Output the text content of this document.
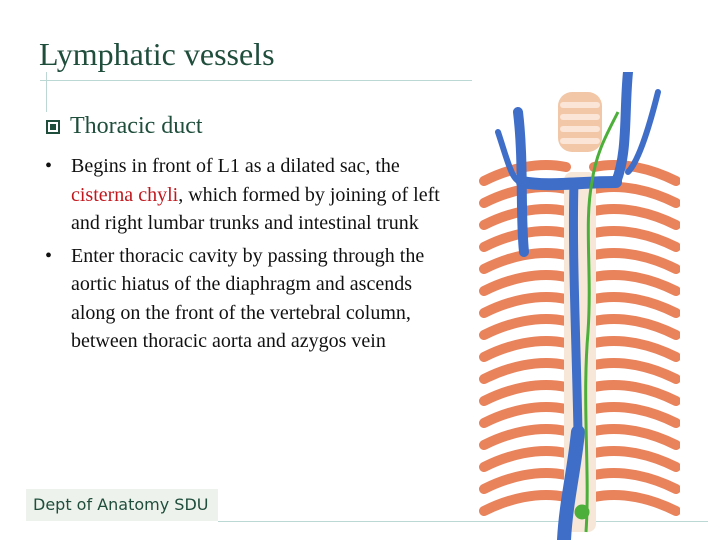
Lymphatic vessels
Thoracic duct
• Begins in front of L1 as a dilated sac, the cisterna chyli, which formed by joining of left and right lumbar trunks and intestinal trunk
• Enter thoracic cavity by passing through the aortic hiatus of the diaphragm and ascends along on the front of the vertebral column, between thoracic aorta and azygos vein
Dept of Anatomy SDU
